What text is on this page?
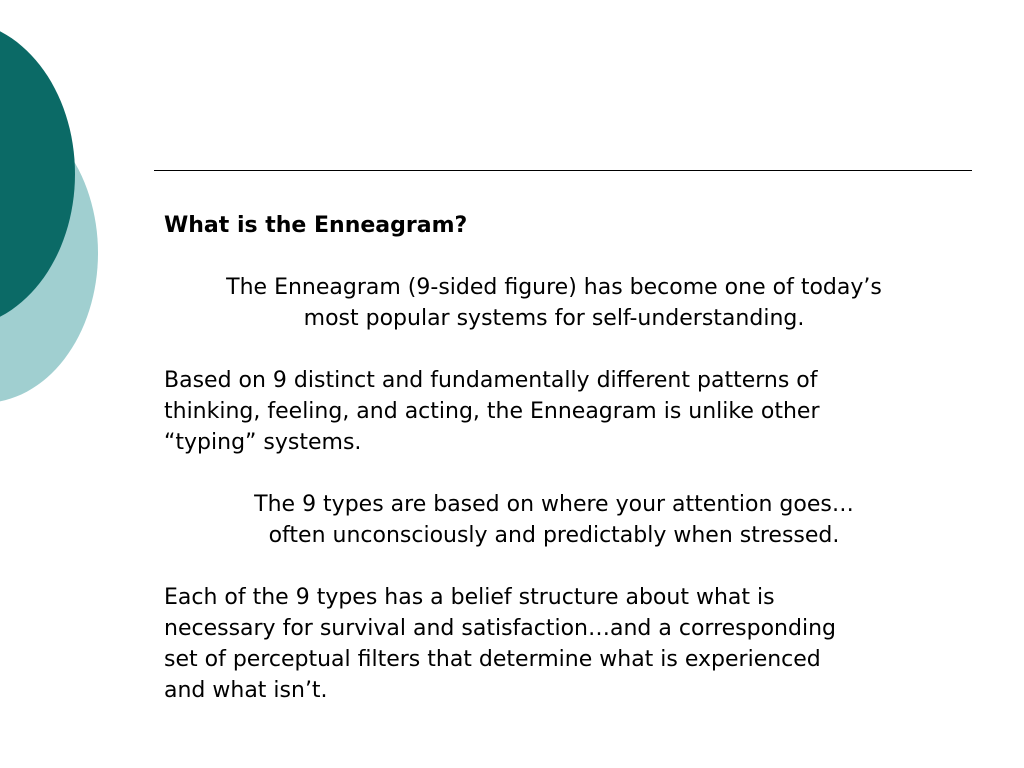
What is the Enneagram?

The Enneagram (9-sided figure) has become one of today’s
most popular systems for self-understanding.

Based on 9 distinct and fundamentally different patterns of
thinking, feeling, and acting, the Enneagram is unlike other
“typing” systems.

The 9 types are based on where your attention goes…
often unconsciously and predictably when stressed.

Each of the 9 types has a belief structure about what is
necessary for survival and satisfaction…and a corresponding
set of perceptual filters that determine what is experienced
and what isn’t.
